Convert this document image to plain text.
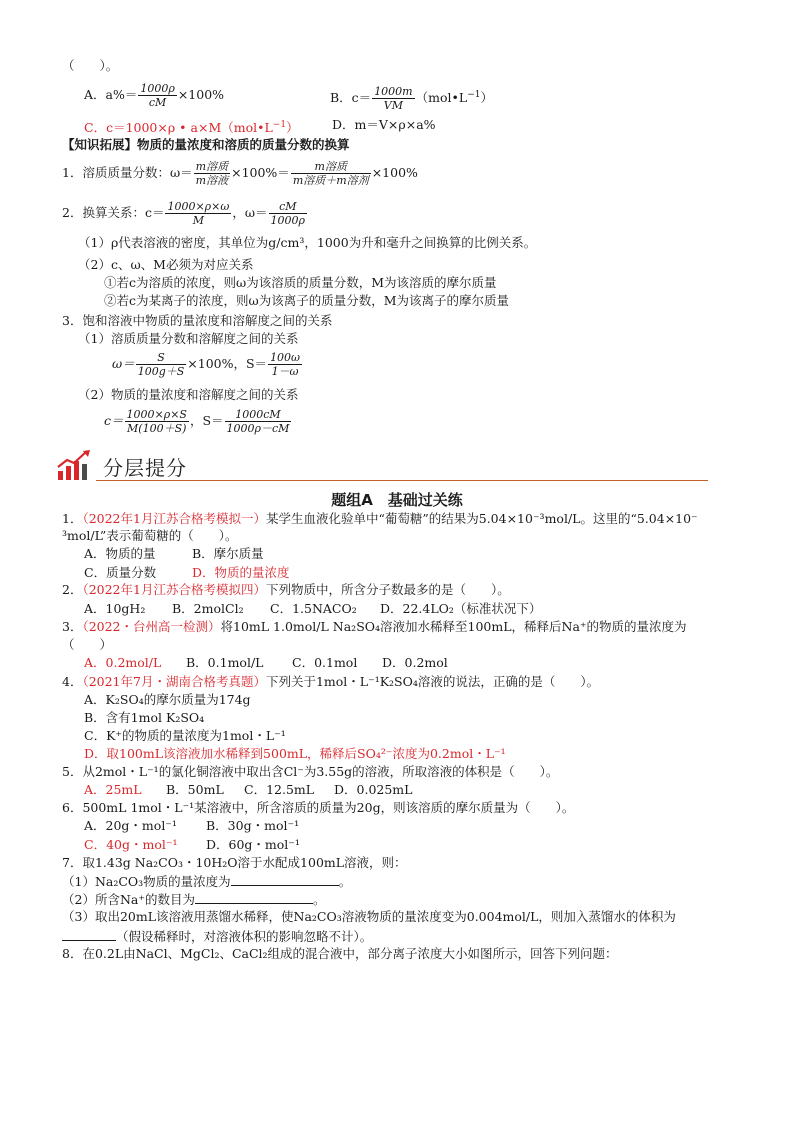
（　　）。
A．$a\%= \frac{1000\rho}{cM} \times 100\%$	B．$c= \frac{1000m}{VM}$ $(mol•L^{-1})$
C．c＝1000×ρ • $a\times M(mol•L^{-1})$	D．m＝V×ρ×a%
【知识拓展】物质的量浓度和溶质的质量分数的换算
1．溶质质量分数：$\omega= \frac{\text{m溶质}}{\text{m溶液}} \times 100\%= \frac{\text{m溶质}}{\text{m溶质＋m溶剂}} \times 100\%$
2．换算关系：$c= \frac{1000\times\rho\times\omega}{M}$ ，$\omega= \frac{cM}{1000\rho}$
（1）ρ代表溶液的密度，其单位为g/cm³，1000为升和毫升之间换算的比例关系。
（2）c、ω、M必须为对应关系
①若c为溶质的浓度，则ω为该溶质的质量分数，M为该溶质的摩尔质量
②若c为某离子的浓度，则ω为该离子的质量分数，M为该离子的摩尔质量
3．饱和溶液中物质的量浓度和溶解度之间的关系
（1）溶质质量分数和溶解度之间的关系
$\omega= \frac{S}{100g+S} \times 100\%$，$S= \frac{100\omega}{1-\omega}$
（2）物质的量浓度和溶解度之间的关系
$c= \frac{1000\times\rho\times S}{M(100+S)}$ ，$S= \frac{1000cM}{1000\rho-cM}$
分层提分
题组A　基础过关练
1．（2022年1月江苏合格考模拟一）某学生血液化验单中“葡萄糖”的结果为5.04×10⁻³mol/L。这里的“5.04×10⁻
³mol/L”表示葡萄糖的（　　）。
A．物质的量	B．摩尔质量
C．质量分数	D．物质的量浓度
2．（2022年1月江苏合格考模拟四）下列物质中，所含分子数最多的是（　　）。
A．10gH₂ B．2molCl₂ C．1.5NACO₂ D．22.4LO₂（标准状况下）
3．（2022・台州高一检测）将10mL 1.0mol/L Na₂SO₄溶液加水稀释至100mL，稀释后Na⁺的物质的量浓度为
（　　）
A．0.2mol/L B．0.1mol/L C．0.1mol D．0.2mol
4．（2021年7月・湖南合格考真题）下列关于1mol・L⁻¹K₂SO₄溶液的说法，正确的是（　　）。
A．K₂SO₄的摩尔质量为174g
B．含有1mol K₂SO₄
C．K⁺的物质的量浓度为1mol・L⁻¹
D．取100mL该溶液加水稀释到500mL，稀释后SO₄²⁻浓度为0.2mol・L⁻¹
5．从2mol・L⁻¹的氯化铜溶液中取出含Cl⁻为3.55g的溶液，所取溶液的体积是（　　）。
A．25mL B．50mL C．12.5mL D．0.025mL
6．500mL 1mol・L⁻¹某溶液中，所含溶质的质量为20g，则该溶质的摩尔质量为（　　）。
A．20g・mol⁻¹ B．30g・mol⁻¹
C．40g・mol⁻¹ D．60g・mol⁻¹
7．取1.43g Na₂CO₃・10H₂O溶于水配成100mL溶液，则：
（1）Na₂CO₃物质的量浓度为	。
（2）所含Na⁺的数目为	。
（3）取出20mL该溶液用蒸馏水稀释，使Na₂CO₃溶液物质的量浓度变为0.004mol/L，则加入蒸馏水的体积为
（假设稀释时，对溶液体积的影响忽略不计）。
8．在0.2L由NaCl、MgCl₂、CaCl₂组成的混合液中，部分离子浓度大小如图所示，回答下列问题：
